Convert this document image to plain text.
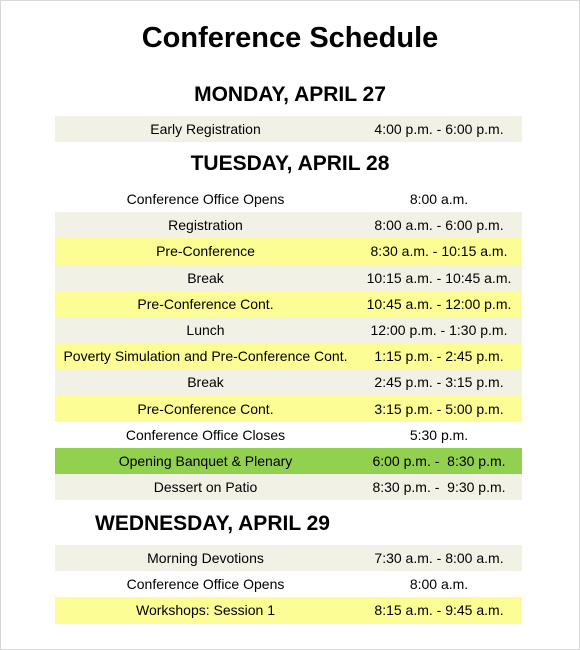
Conference Schedule
MONDAY, APRIL 27
Early Registration	4:00 p.m. - 6:00 p.m.
TUESDAY, APRIL 28
Conference Office Opens	8:00 a.m.
Registration	8:00 a.m. - 6:00 p.m.
Pre-Conference	8:30 a.m. - 10:15 a.m.
Break	10:15 a.m. - 10:45 a.m.
Pre-Conference Cont.	10:45 a.m. - 12:00 p.m.
Lunch	12:00 p.m. - 1:30 p.m.
Poverty Simulation and Pre-Conference Cont.	1:15 p.m. - 2:45 p.m.
Break	2:45 p.m. - 3:15 p.m.
Pre-Conference Cont.	3:15 p.m. - 5:00 p.m.
Conference Office Closes	5:30 p.m.
Opening Banquet & Plenary	6:00 p.m. -  8:30 p.m.
Dessert on Patio	8:30 p.m. -  9:30 p.m.
WEDNESDAY, APRIL 29
Morning Devotions	7:30 a.m. - 8:00 a.m.
Conference Office Opens	8:00 a.m.
Workshops: Session 1	8:15 a.m. - 9:45 a.m.
